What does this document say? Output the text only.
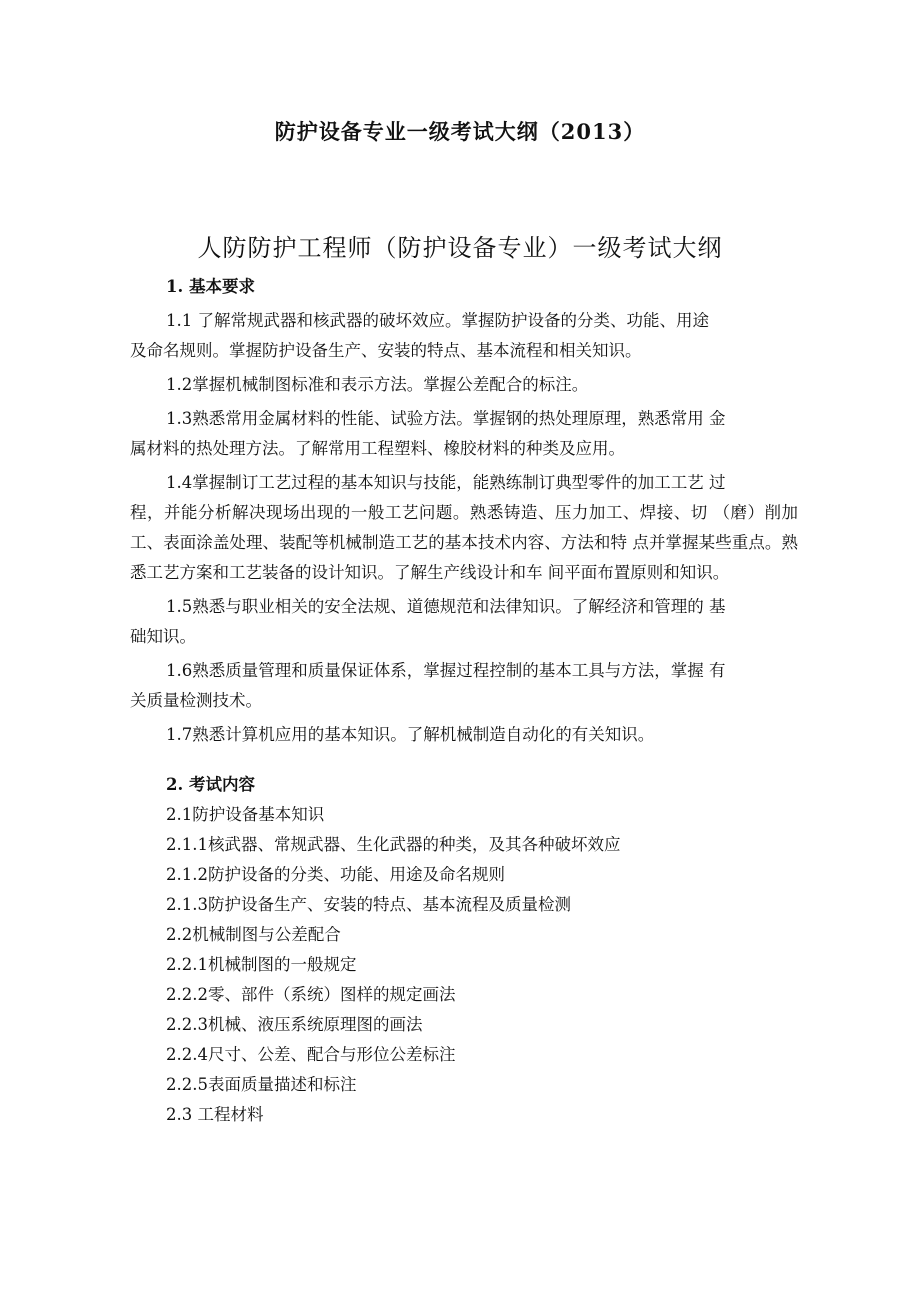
防护设备专业一级考试大纲（2013）
人防防护工程师（防护设备专业）一级考试大纲

1. 基本要求

1.1 了解常规武器和核武器的破坏效应。掌握防护设备的分类、功能、用途

及命名规则。掌握防护设备生产、安装的特点、基本流程和相关知识。

1.2掌握机械制图标准和表示方法。掌握公差配合的标注。

1.3熟悉常用金属材料的性能、试验方法。掌握钢的热处理原理，熟悉常用 金

属材料的热处理方法。了解常用工程塑料、橡胶材料的种类及应用。

1.4掌握制订工艺过程的基本知识与技能，能熟练制订典型零件的加工工艺 过

程，并能分析解决现场出现的一般工艺问题。熟悉铸造、压力加工、焊接、切 （磨）削加工、表面涂盖处理、装配等机械制造工艺的基本技术内容、方法和特 点并掌握某些重点。熟悉工艺方案和工艺装备的设计知识。了解生产线设计和车 间平面布置原则和知识。

1.5熟悉与职业相关的安全法规、道德规范和法律知识。了解经济和管理的 基

础知识。

1.6熟悉质量管理和质量保证体系，掌握过程控制的基本工具与方法，掌握 有

关质量检测技术。

1.7熟悉计算机应用的基本知识。了解机械制造自动化的有关知识。

2. 考试内容

2.1防护设备基本知识

2.1.1核武器、常规武器、生化武器的种类，及其各种破坏效应

2.1.2防护设备的分类、功能、用途及命名规则

2.1.3防护设备生产、安装的特点、基本流程及质量检测

2.2机械制图与公差配合

2.2.1机械制图的一般规定

2.2.2零、部件（系统）图样的规定画法

2.2.3机械、液压系统原理图的画法

2.2.4尺寸、公差、配合与形位公差标注

2.2.5表面质量描述和标注

2.3 工程材料
